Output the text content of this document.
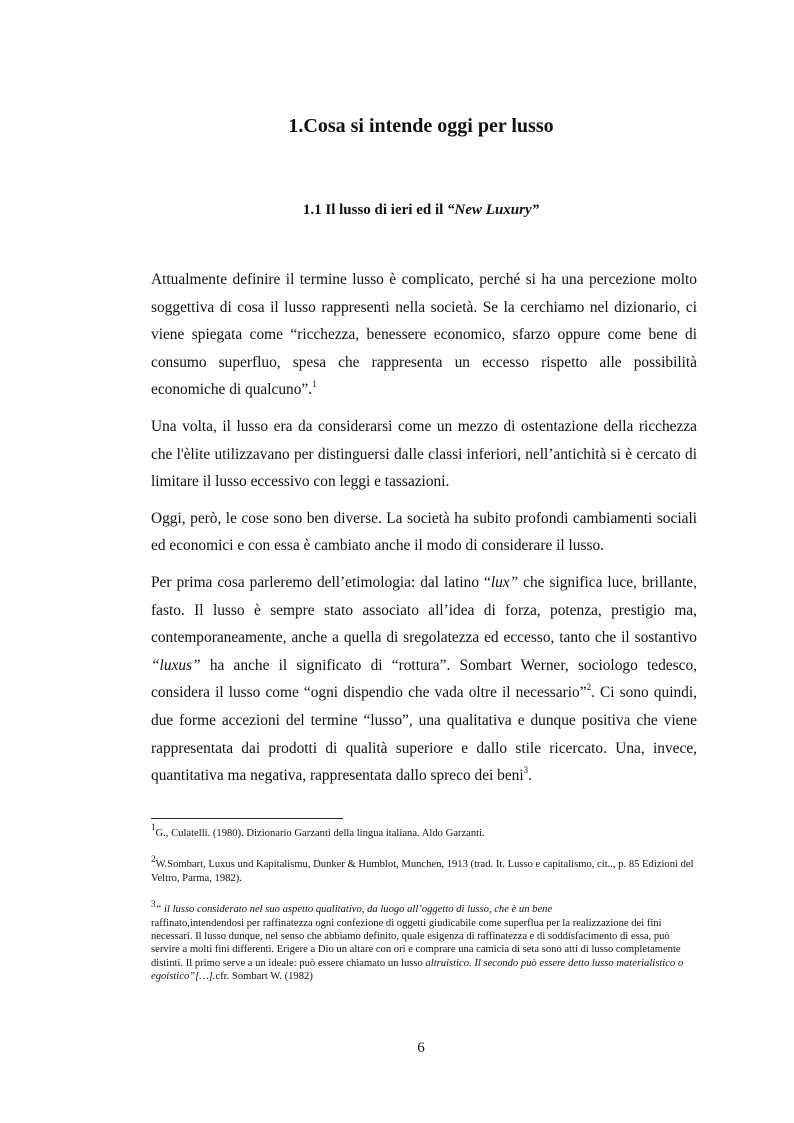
1.Cosa si intende oggi per lusso
1.1 Il lusso di ieri ed il “New Luxury”

Attualmente definire il termine lusso è complicato, perché si ha una percezione molto soggettiva di cosa il lusso rappresenti nella società. Se la cerchiamo nel dizionario, ci viene spiegata come “ricchezza, benessere economico, sfarzo oppure come bene di consumo superfluo, spesa che rappresenta un eccesso rispetto alle possibilità economiche di qualcuno”.$^1$

Una volta, il lusso era da considerarsi come un mezzo di ostentazione della ricchezza che l'èlite utilizzavano per distinguersi dalle classi inferiori, nell’antichità si è cercato di limitare il lusso eccessivo con leggi e tassazioni.

Oggi, però, le cose sono ben diverse. La società ha subito profondi cambiamenti sociali ed economici e con essa è cambiato anche il modo di considerare il lusso.

Per prima cosa parleremo dell’etimologia: dal latino “lux” che significa luce, brillante, fasto. Il lusso è sempre stato associato all’idea di forza, potenza, prestigio ma, contemporaneamente, anche a quella di sregolatezza ed eccesso, tanto che il sostantivo “luxus” ha anche il significato di “rottura”. Sombart Werner, sociologo tedesco, considera il lusso come “ogni dispendio che vada oltre il necessario”$^2$. Ci sono quindi, due forme accezioni del termine “lusso”, una qualitativa e dunque positiva che viene rappresentata dai prodotti di qualità superiore e dallo stile ricercato. Una, invece, quantitativa ma negativa, rappresentata dallo spreco dei beni$^3$.

$^1$G., Culatelli. (1980). Dizionario Garzanti della lingua italiana. Aldo Garzanti.

$^2$W.Sombart, Luxus und Kapitalismu, Dunker & Humblot, Munchen, 1913 (trad. It. Lusso e capitalismo, cit.., p. 85 Edizioni del Veltro, Parma, 1982).

$^3$“ il lusso considerato nel suo aspetto qualitativo, da luogo all’oggetto di lusso, che è un bene
raffinato,intendendosi per raffinatezza ogni confezione di oggetti giudicabile come superflua per la realizzazione dei fini necessari. Il lusso dunque, nel senso che abbiamo definito, quale esigenza di raffinatezza e di soddisfacimento di essa, può servire a molti fini differenti. Erigere a Dio un altare con ori e comprare una camicia di seta sono atti di lusso completamente distinti. Il primo serve a un ideale: può essere chiamato un lusso altruistico. Il secondo può essere detto lusso materialistico o egoistico”[…].cfr. Sombart W. (1982)

6
